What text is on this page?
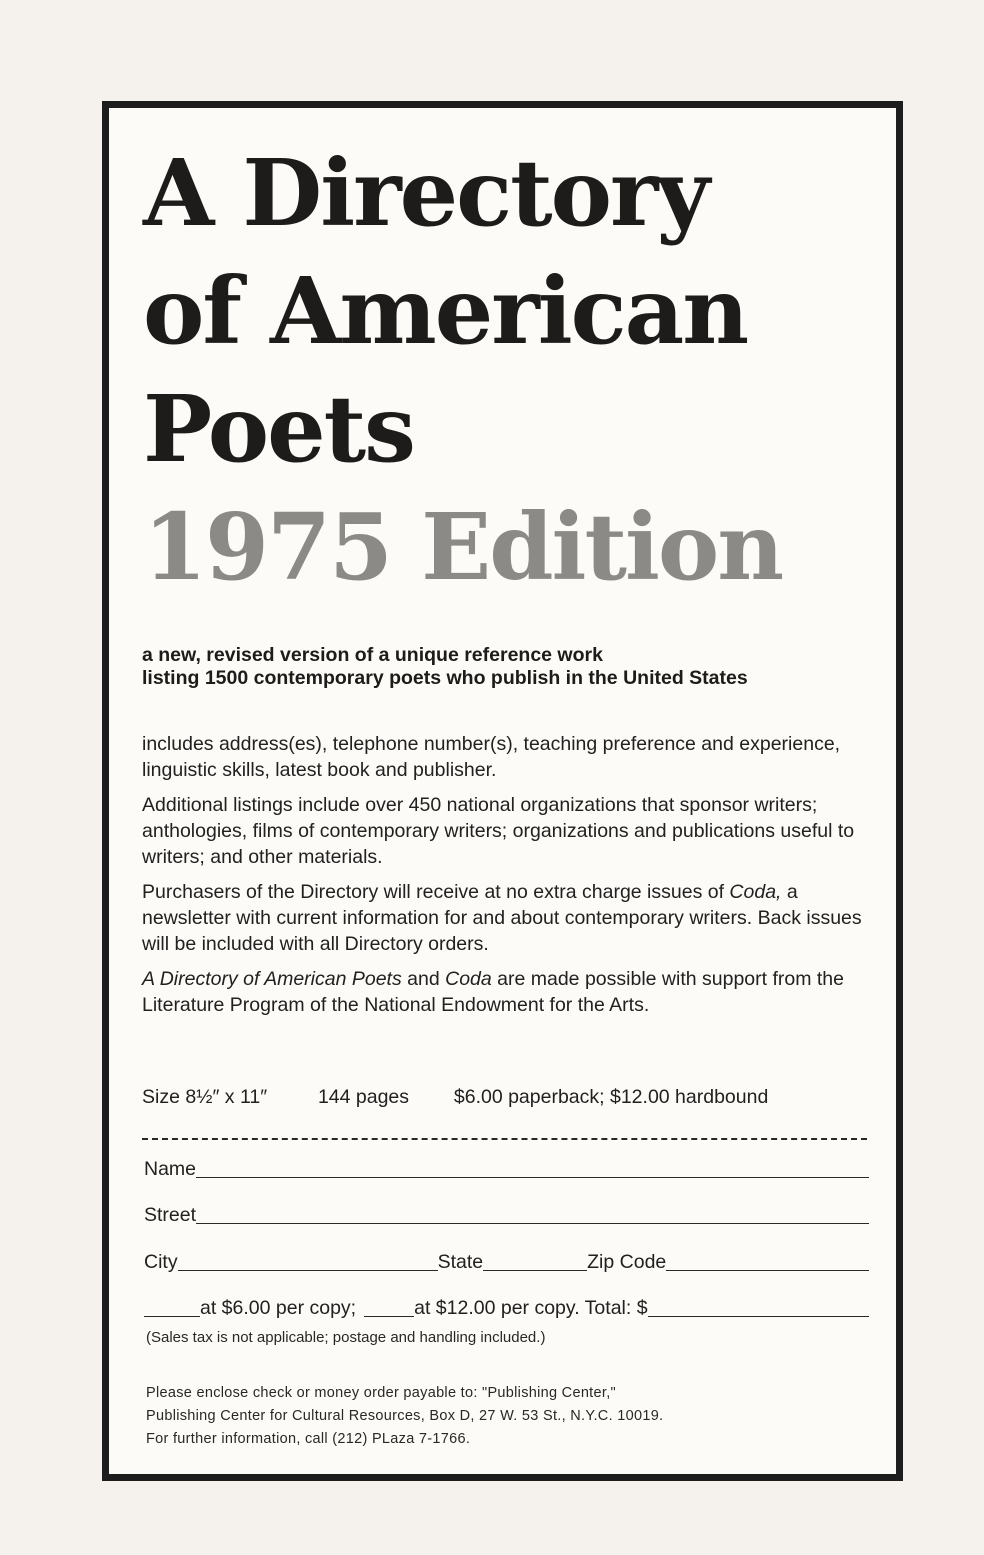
A Directory
of American
Poets
1975 Edition
a new, revised version of a unique reference work
listing 1500 contemporary poets who publish in the United States

includes address(es), telephone number(s), teaching preference and experience, linguistic skills, latest book and publisher.

Additional listings include over 450 national organizations that sponsor writers; anthologies, films of contemporary writers; organizations and publications useful to writers; and other materials.

Purchasers of the Directory will receive at no extra charge issues of Coda, a newsletter with current information for and about contemporary writers. Back issues will be included with all Directory orders.

A Directory of American Poets and Coda are made possible with support from the Literature Program of the National Endowment for the Arts.

Size 8½″ x 11″	144 pages $6.00 paperback; $12.00 hardbound
Name
Street
City	State	Zip Code
at $6.00 per copy;	at $12.00 per copy. Total: $
(Sales tax is not applicable; postage and handling included.)
Please enclose check or money order payable to: "Publishing Center,"
Publishing Center for Cultural Resources, Box D, 27 W. 53 St., N.Y.C. 10019.
For further information, call (212) PLaza 7-1766.
